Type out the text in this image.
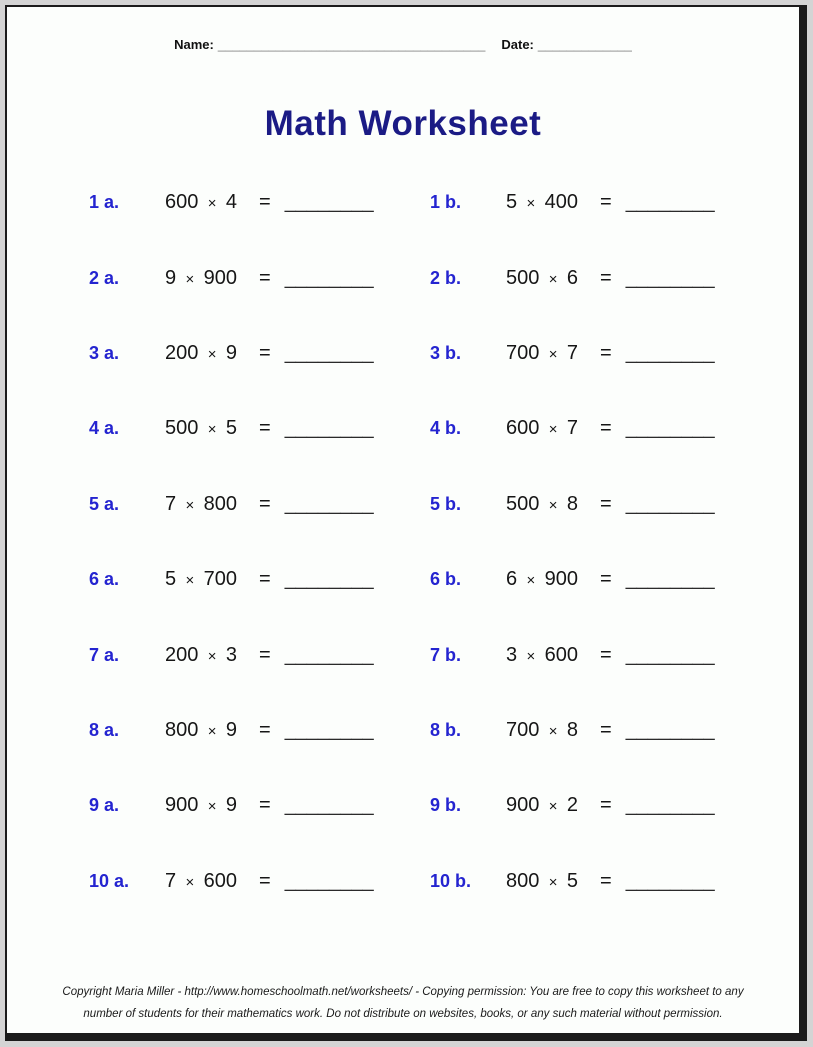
Name: _____________________________________ Date: _____________
Math Worksheet
1 a.	600 × 4 = ________	1 b.	5 × 400 = ________
2 a.	9 × 900 = ________	2 b.	500 × 6 = ________
3 a.	200 × 9 = ________	3 b.	700 × 7 = ________
4 a.	500 × 5 = ________	4 b.	600 × 7 = ________
5 a.	7 × 800 = ________	5 b.	500 × 8 = ________
6 a.	5 × 700 = ________	6 b.	6 × 900 = ________
7 a.	200 × 3 = ________	7 b.	3 × 600 = ________
8 a.	800 × 9 = ________	8 b.	700 × 8 = ________
9 a.	900 × 9 = ________	9 b.	900 × 2 = ________
10 a.	7 × 600 = ________	10 b.	800 × 5 = ________
Copyright Maria Miller - http://www.homeschoolmath.net/worksheets/ - Copying permission: You are free to copy this worksheet to any
number of students for their mathematics work. Do not distribute on websites, books, or any such material without permission.
